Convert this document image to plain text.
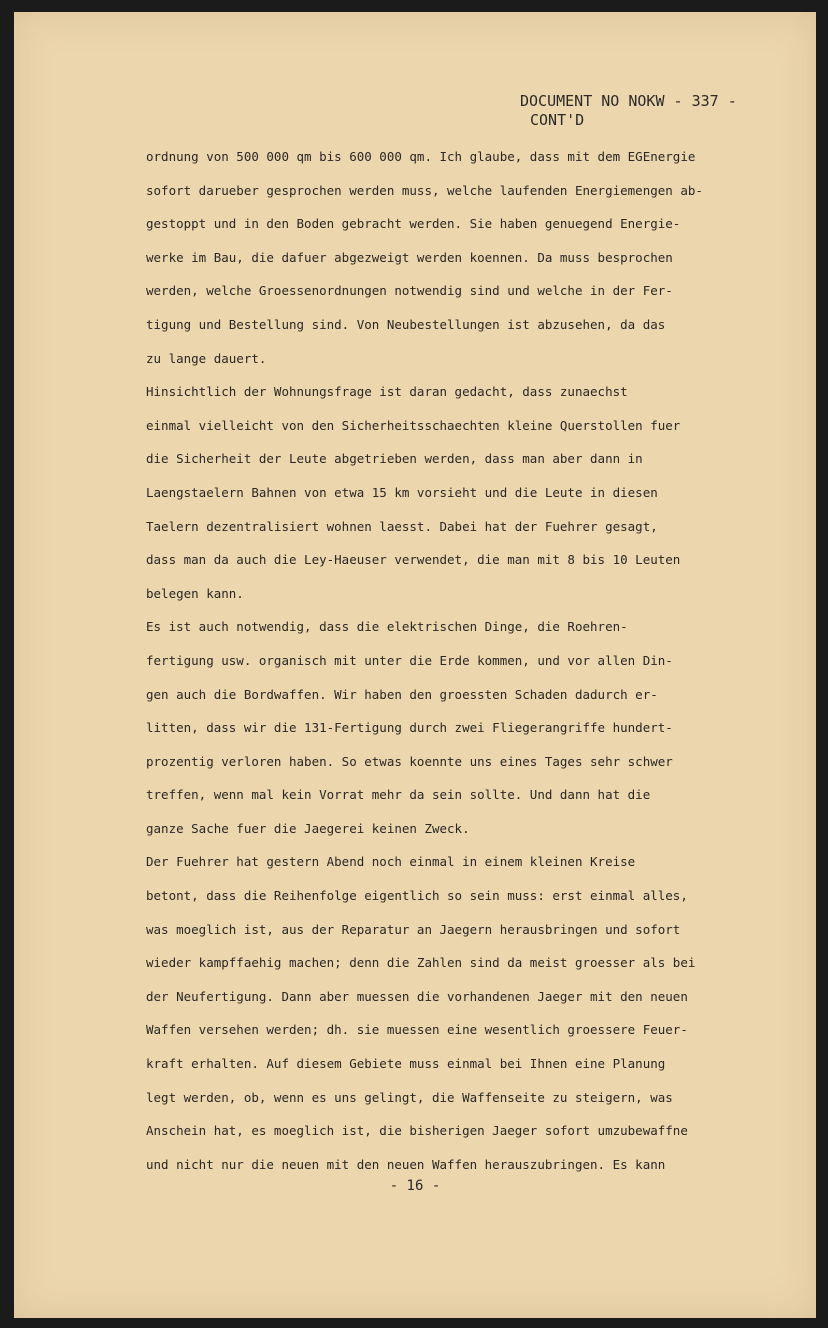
DOCUMENT NO NOKW - 337 -
CONT'D
ordnung von 500 000 qm bis 600 000 qm. Ich glaube, dass mit dem EGEnergie
sofort darueber gesprochen werden muss, welche laufenden Energiemengen ab-
gestoppt und in den Boden gebracht werden. Sie haben genuegend Energie-
werke im Bau, die dafuer abgezweigt werden koennen. Da muss besprochen
werden, welche Groessenordnungen notwendig sind und welche in der Fer-
tigung und Bestellung sind. Von Neubestellungen ist abzusehen, da das
zu lange dauert.
Hinsichtlich der Wohnungsfrage ist daran gedacht, dass zunaechst
einmal vielleicht von den Sicherheitsschaechten kleine Querstollen fuer
die Sicherheit der Leute abgetrieben werden, dass man aber dann in
Laengstaelern Bahnen von etwa 15 km vorsieht und die Leute in diesen
Taelern dezentralisiert wohnen laesst. Dabei hat der Fuehrer gesagt,
dass man da auch die Ley-Haeuser verwendet, die man mit 8 bis 10 Leuten
belegen kann.
Es ist auch notwendig, dass die elektrischen Dinge, die Roehren-
fertigung usw. organisch mit unter die Erde kommen, und vor allen Din-
gen auch die Bordwaffen. Wir haben den groessten Schaden dadurch er-
litten, dass wir die 131-Fertigung durch zwei Fliegerangriffe hundert-
prozentig verloren haben. So etwas koennte uns eines Tages sehr schwer
treffen, wenn mal kein Vorrat mehr da sein sollte. Und dann hat die
ganze Sache fuer die Jaegerei keinen Zweck.
Der Fuehrer hat gestern Abend noch einmal in einem kleinen Kreise
betont, dass die Reihenfolge eigentlich so sein muss: erst einmal alles,
was moeglich ist, aus der Reparatur an Jaegern herausbringen und sofort
wieder kampffaehig machen; denn die Zahlen sind da meist groesser als bei
der Neufertigung. Dann aber muessen die vorhandenen Jaeger mit den neuen
Waffen versehen werden; dh. sie muessen eine wesentlich groessere Feuer-
kraft erhalten. Auf diesem Gebiete muss einmal bei Ihnen eine Planung
legt werden, ob, wenn es uns gelingt, die Waffenseite zu steigern, was
Anschein hat, es moeglich ist, die bisherigen Jaeger sofort umzubewaffne
und nicht nur die neuen mit den neuen Waffen herauszubringen. Es kann
- 16 -
